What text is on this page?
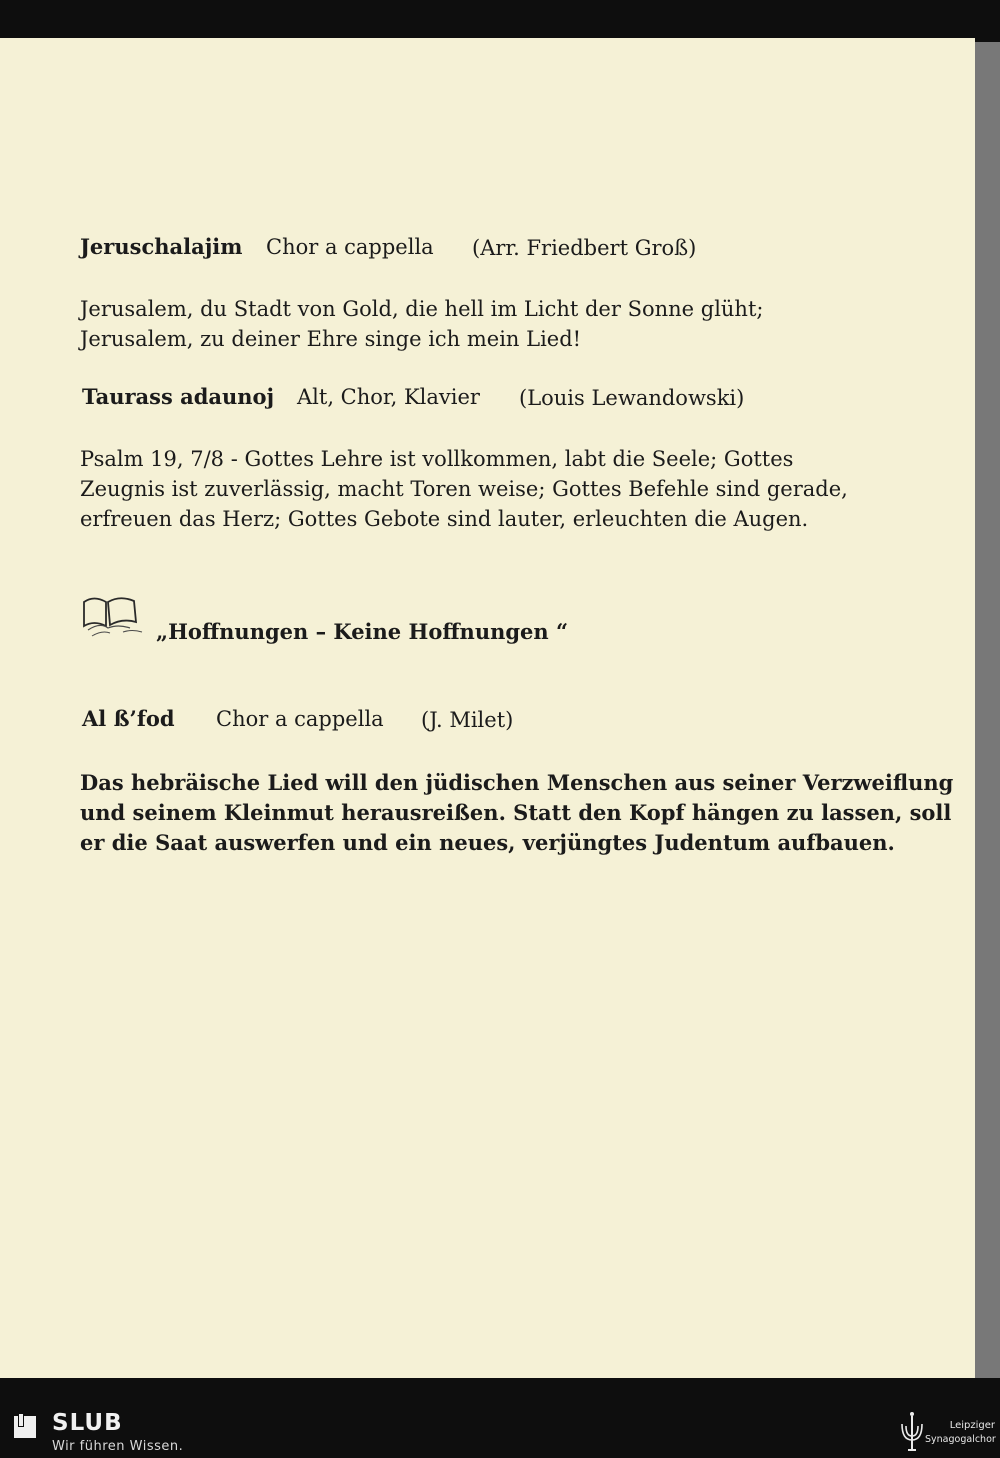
Jeruschalajim Chor a cappella (Arr. Friedbert Groß)

Jerusalem, du Stadt von Gold, die hell im Licht der Sonne glüht;
Jerusalem, zu deiner Ehre singe ich mein Lied!

Taurass adaunoj Alt, Chor, Klavier (Louis Lewandowski)

Psalm 19, 7/8 - Gottes Lehre ist vollkommen, labt die Seele; Gottes
Zeugnis ist zuverlässig, macht Toren weise; Gottes Befehle sind gerade,
erfreuen das Herz; Gottes Gebote sind lauter, erleuchten die Augen.

„Hoffnungen – Keine Hoffnungen “

Al ß’fod Chor a cappella (J. Milet)

Das hebräische Lied will den jüdischen Menschen aus seiner Verzweiflung
und seinem Kleinmut herausreißen. Statt den Kopf hängen zu lassen, soll
er die Saat auswerfen und ein neues, verjüngtes Judentum aufbauen.
SLUB
Wir führen Wissen.
Leipziger
Synagogalchor
